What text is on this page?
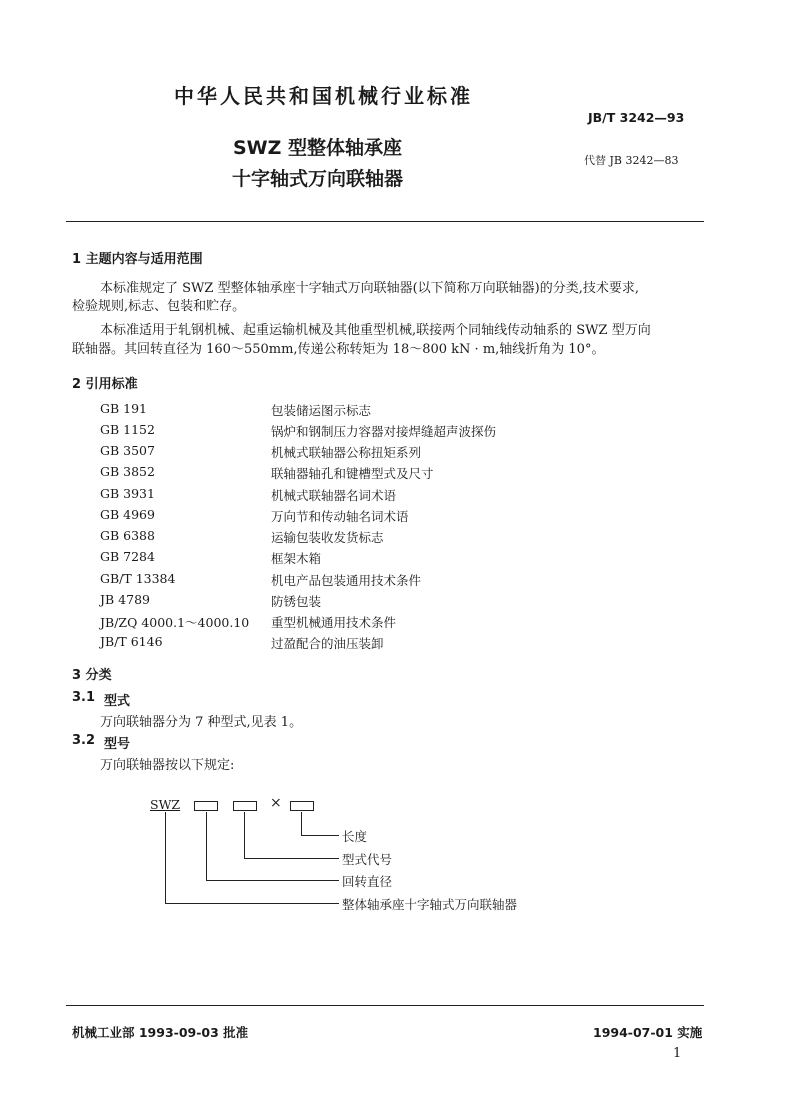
中华人民共和国机械行业标准
JB/T 3242—93
SWZ 型整体轴承座
十字轴式万向联轴器
代替 JB 3242—83
1 主题内容与适用范围
本标准规定了 SWZ 型整体轴承座十字轴式万向联轴器(以下简称万向联轴器)的分类,技术要求,
检验规则,标志、包装和贮存。
本标准适用于轧钢机械、起重运输机械及其他重型机械,联接两个同轴线传动轴系的 SWZ 型万向
联轴器。其回转直径为 160～550mm,传递公称转矩为 18～800 kN · m,轴线折角为 10°。
2 引用标准
GB 191	包装储运图示标志
GB 1152	锅炉和钢制压力容器对接焊缝超声波探伤
GB 3507	机械式联轴器公称扭矩系列
GB 3852	联轴器轴孔和键槽型式及尺寸
GB 3931	机械式联轴器名词术语
GB 4969	万向节和传动轴名词术语
GB 6388	运输包装收发货标志
GB 7284	框架木箱
GB/T 13384	机电产品包装通用技术条件
JB 4789	防锈包装
JB/ZQ 4000.1～4000.10 重型机械通用技术条件
JB/T 6146	过盈配合的油压装卸
3 分类
3.1 型式
万向联轴器分为 7 种型式,见表 1。
3.2 型号
万向联轴器按以下规定:
SWZ	×
长度
型式代号
回转直径
整体轴承座十字轴式万向联轴器
机械工业部 1993-09-03 批准	1994-07-01 实施
1
